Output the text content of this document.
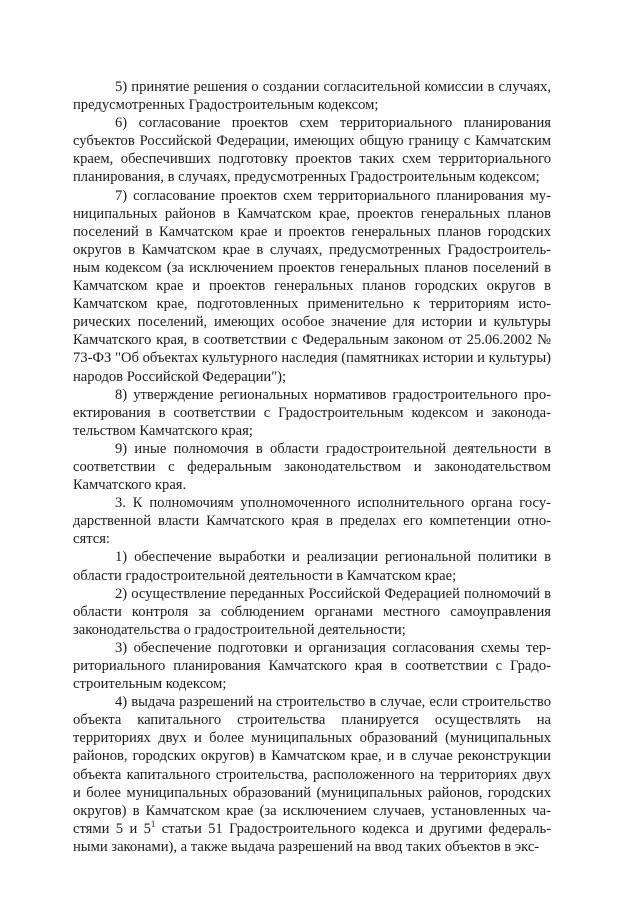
5) принятие решения о создании согласительной комиссии в случаях, предусмотренных Градостроительным кодексом;

6) согласование проектов схем территориального планирования субъектов Российской Федерации, имеющих общую границу с Камчатским краем, обеспечивших подготовку проектов таких схем территориального планирования, в случаях, предусмотренных Градостроительным кодексом;

7) согласование проектов схем территориального планирования муниципальных районов в Камчатском крае, проектов генеральных планов поселений в Камчатском крае и проектов генеральных планов городских округов в Камчатском крае в случаях, предусмотренных Градостроительным кодексом (за исключением проектов генеральных планов поселений в Камчатском крае и проектов генеральных планов городских округов в Камчатском крае, подготовленных применительно к территориям исторических поселений, имеющих особое значение для истории и культуры Камчатского края, в соответствии с Федеральным законом от 25.06.2002 № 73-ФЗ "Об объектах культурного наследия (памятниках истории и культуры) народов Российской Федерации");

8) утверждение региональных нормативов градостроительного проектирования в соответствии с Градостроительным кодексом и законодательством Камчатского края;

9) иные полномочия в области градостроительной деятельности в соответствии с федеральным законодательством и законодательством Камчатского края.

3. К полномочиям уполномоченного исполнительного органа государственной власти Камчатского края в пределах его компетенции относятся:

1) обеспечение выработки и реализации региональной политики в области градостроительной деятельности в Камчатском крае;

2) осуществление переданных Российской Федерацией полномочий в области контроля за соблюдением органами местного самоуправления законодательства о градостроительной деятельности;

3) обеспечение подготовки и организация согласования схемы территориального планирования Камчатского края в соответствии с Градостроительным кодексом;

4) выдача разрешений на строительство в случае, если строительство объекта капитального строительства планируется осуществлять на территориях двух и более муниципальных образований (муниципальных районов, городских округов) в Камчатском крае, и в случае реконструкции объекта капитального строительства, расположенного на территориях двух и более муниципальных образований (муниципальных районов, городских округов) в Камчатском крае (за исключением случаев, установленных частями 5 и $5^1$ статьи 51 Градостроительного кодекса и другими федеральными законами), а также выдача разрешений на ввод таких объектов в экс-
